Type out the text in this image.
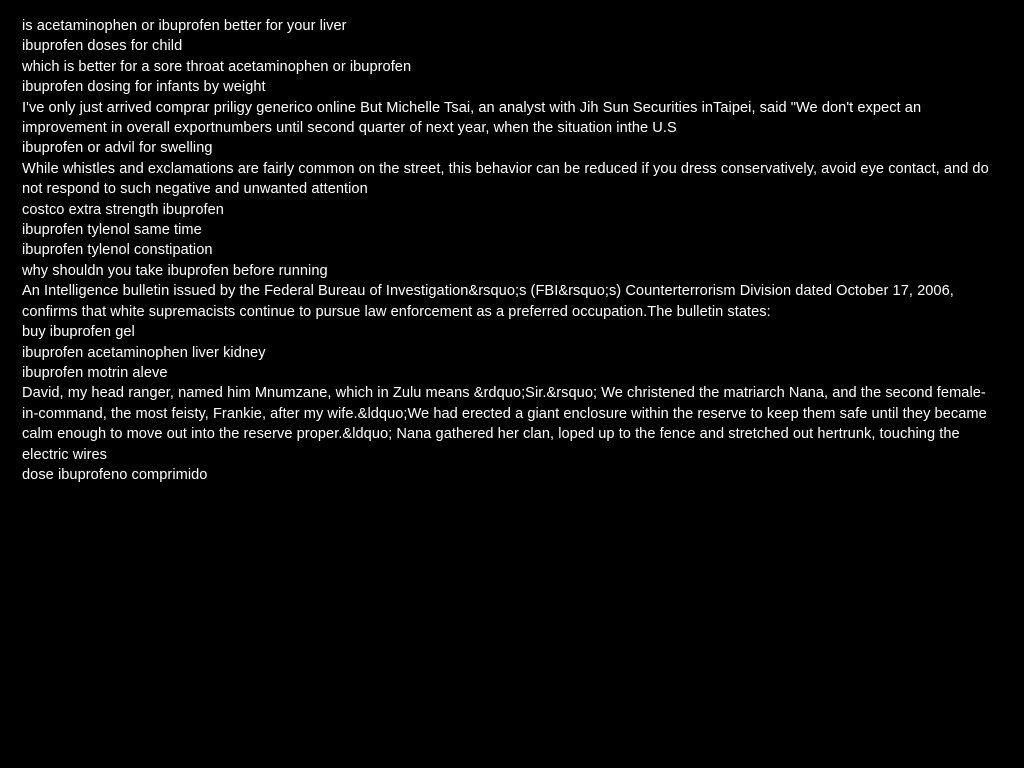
is acetaminophen or ibuprofen better for your liver

ibuprofen doses for child

which is better for a sore throat acetaminophen or ibuprofen

ibuprofen dosing for infants by weight

I've only just arrived comprar priligy generico online But Michelle Tsai, an analyst with Jih Sun Securities inTaipei, said "We don't expect an improvement in overall exportnumbers until second quarter of next year, when the situation inthe U.S

ibuprofen or advil for swelling

While whistles and exclamations are fairly common on the street, this behavior can be reduced if you dress conservatively, avoid eye contact, and do not respond to such negative and unwanted attention

costco extra strength ibuprofen

ibuprofen tylenol same time

ibuprofen tylenol constipation

why shouldn you take ibuprofen before running

An Intelligence bulletin issued by the Federal Bureau of Investigation&rsquo;s (FBI&rsquo;s) Counterterrorism Division dated October 17, 2006, confirms that white supremacists continue to pursue law enforcement as a preferred occupation.The bulletin states:

buy ibuprofen gel

ibuprofen acetaminophen liver kidney

ibuprofen motrin aleve

David, my head ranger, named him Mnumzane, which in Zulu means &rdquo;Sir.&rsquo; We christened the matriarch Nana, and the second female-in-command, the most feisty, Frankie, after my wife.&ldquo;We had erected a giant enclosure within the reserve to keep them safe until they became calm enough to move out into the reserve proper.&ldquo; Nana gathered her clan, loped up to the fence and stretched out hertrunk, touching the electric wires

dose ibuprofeno comprimido
